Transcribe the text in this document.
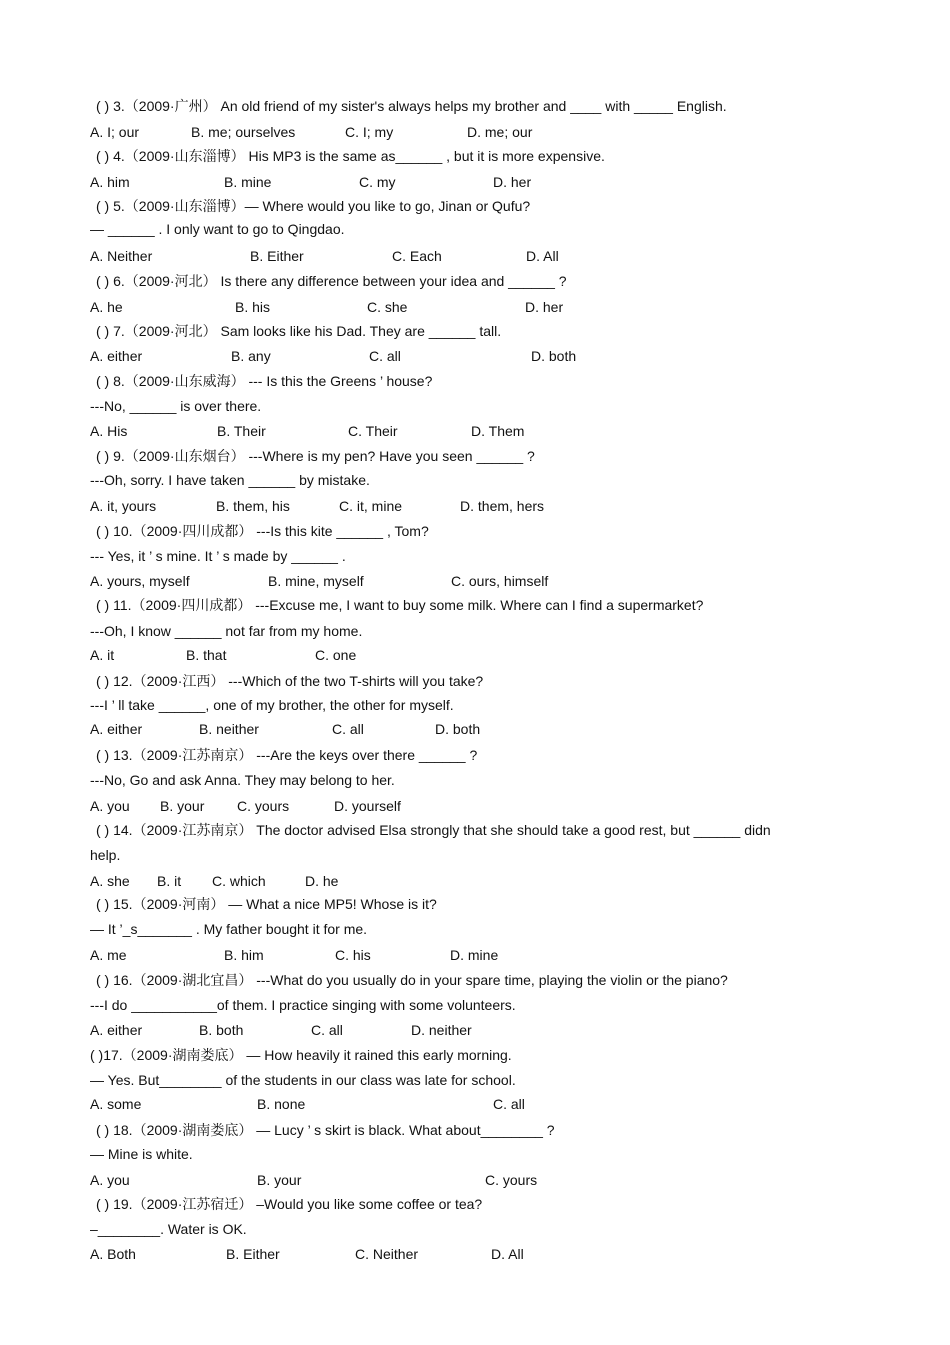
( ) 3.（2009·广州） An old friend of my sister's always helps my brother and ____ with _____ English.
A. I; our	B. me; ourselves	C. I; my	D. me; our
( ) 4.（2009·山东淄博） His MP3 is the same as______ , but it is more expensive.
A. him	B. mine	C. my	D. her
( ) 5.（2009·山东淄博）— Where would you like to go, Jinan or Qufu?
— ______ . I only want to go to Qingdao.
A. Neither	B. Either	C. Each	D. All
( ) 6.（2009·河北） Is there any difference between your idea and ______ ?
A. he	B. his	C. she	D. her
( ) 7.（2009·河北） Sam looks like his Dad. They are ______ tall.
A. either	B. any	C. all	D. both
( ) 8.（2009·山东威海） --- Is this the Greens ’ house?
---No, ______ is over there.
A. His	B. Their	C. Their	D. Them
( ) 9.（2009·山东烟台） ---Where is my pen? Have you seen ______ ?
---Oh, sorry. I have taken ______ by mistake.
A. it, yours	B. them, his	C. it, mine	D. them, hers
( ) 10.（2009·四川成都） ---Is this kite ______ , Tom?
--- Yes, it ’ s mine. It ’ s made by ______ .
A. yours, myself	B. mine, myself	C. ours, himself
( ) 11.（2009·四川成都） ---Excuse me, I want to buy some milk. Where can I find a supermarket?
---Oh, I know ______ not far from my home.
A. it	B. that	C. one
( ) 12.（2009·江西） ---Which of the two T-shirts will you take?
---I ’ ll take ______, one of my brother, the other for myself.
A. either	B. neither	C. all	D. both
( ) 13.（2009·江苏南京） ---Are the keys over there ______ ?
---No, Go and ask Anna. They may belong to her.
A. you B. your C. yours	D. yourself
( ) 14.（2009·江苏南京） The doctor advised Elsa strongly that she should take a good rest, but ______ didn
help.
A. she B. it C. which	D. he
( ) 15.（2009·河南） — What a nice MP5! Whose is it?
— It ’_s_______ . My father bought it for me.
A. me	B. him	C. his	D. mine
( ) 16.（2009·湖北宜昌） ---What do you usually do in your spare time, playing the violin or the piano?
---I do ___________of them. I practice singing with some volunteers.
A. either	B. both	C. all	D. neither
( )17.（2009·湖南娄底） — How heavily it rained this early morning.
— Yes. But________ of the students in our class was late for school.
A. some	B. none	C. all
( ) 18.（2009·湖南娄底） — Lucy ’ s skirt is black. What about________ ?
— Mine is white.
A. you	B. your	C. yours
( ) 19.（2009·江苏宿迁） –Would you like some coffee or tea?
–________. Water is OK.
A. Both	B. Either	C. Neither	D. All
